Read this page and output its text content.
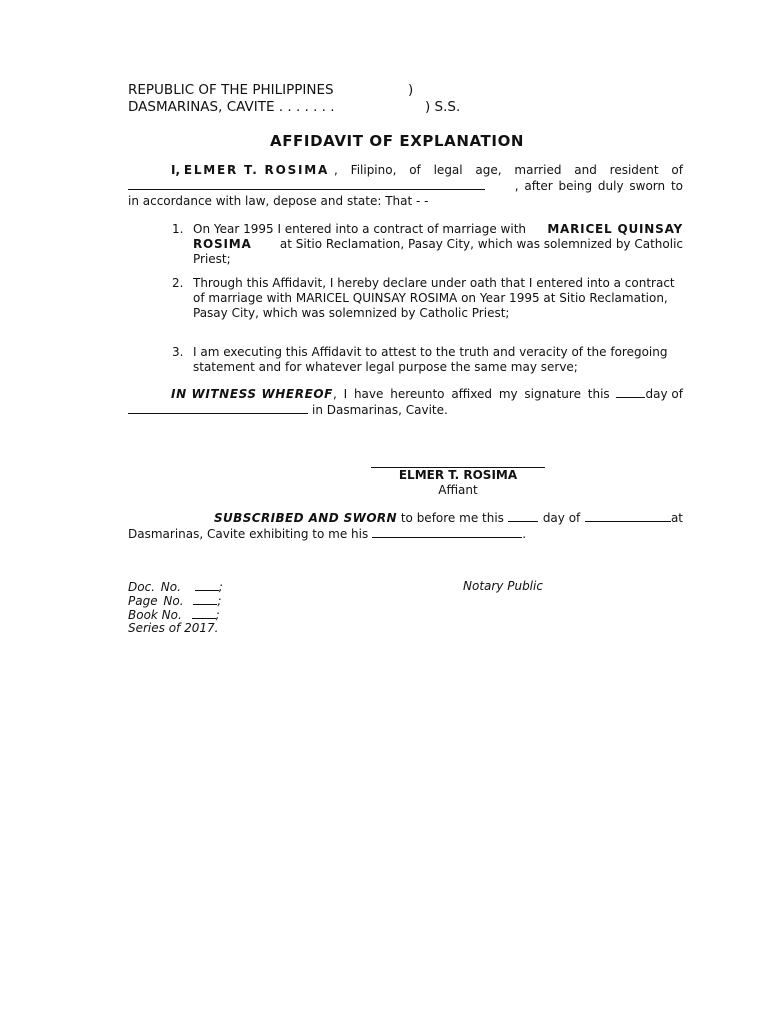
REPUBLIC OF THE PHILIPPINES	)
DASMARINAS, CAVITE . . . . . . .	) S.S.
AFFIDAVIT OF EXPLANATION
I, ELMER T. ROSIMA , Filipino, of legal age, married and resident of
, after being duly sworn to
in accordance with law, depose and state: That - -
1. On Year 1995 I entered into a contract of marriage with MARICEL QUINSAY
ROSIMA at Sitio Reclamation, Pasay City, which was solemnized by Catholic
Priest;
2. Through this Affidavit, I hereby declare under oath that I entered into a contract
of marriage with MARICEL QUINSAY ROSIMA on Year 1995 at Sitio Reclamation,
Pasay City, which was solemnized by Catholic Priest;
3. I am executing this Affidavit to attest to the truth and veracity of the foregoing
statement and for whatever legal purpose the same may serve;
IN WITNESS WHEREOF , I have hereunto affixed my signature this	day of
in Dasmarinas, Cavite.
ELMER T. ROSIMA
Affiant
SUBSCRIBED AND SWORN to before me this	day of	at
Dasmarinas, Cavite exhibiting to me his	.
Doc. No.	;
Page No.	;
Book No.	;
Series of 2017.
Notary Public
